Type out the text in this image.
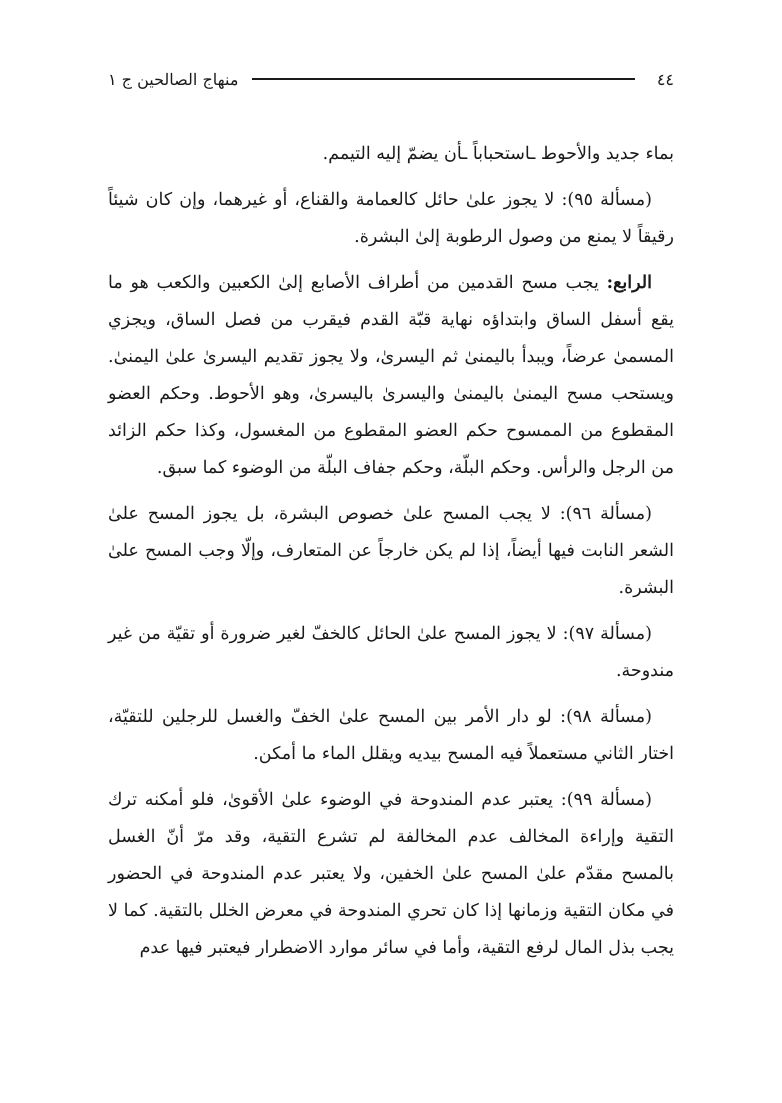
٤٤
منهاج الصالحين ج ١

بماء جديد والأحوط ـاستحباباً ـأن يضمّ إليه التيمم.

(مسألة ٩٥): لا يجوز علىٰ حائل كالعمامة والقناع، أو غيرهما، وإن كان شيئاً رقيقاً لا يمنع من وصول الرطوبة إلىٰ البشرة.

الرابع: يجب مسح القدمين من أطراف الأصابع إلىٰ الكعبين والكعب هو ما يقع أسفل الساق وابتداؤه نهاية قبّة القدم فيقرب من فصل الساق، ويجزي المسمىٰ عرضاً، ويبدأ باليمنىٰ ثم اليسرىٰ، ولا يجوز تقديم اليسرىٰ علىٰ اليمنىٰ. ويستحب مسح اليمنىٰ باليمنىٰ واليسرىٰ باليسرىٰ، وهو الأحوط. وحكم العضو المقطوع من الممسوح حكم العضو المقطوع من المغسول، وكذا حكم الزائد من الرجل والرأس. وحكم البلّة، وحكم جفاف البلّة من الوضوء كما سبق.

(مسألة ٩٦): لا يجب المسح علىٰ خصوص البشرة، بل يجوز المسح علىٰ الشعر النابت فيها أيضاً، إذا لم يكن خارجاً عن المتعارف، وإلّا وجب المسح علىٰ البشرة.

(مسألة ٩٧): لا يجوز المسح علىٰ الحائل كالخفّ لغير ضرورة أو تقيّة من غير مندوحة.

(مسألة ٩٨): لو دار الأمر بين المسح علىٰ الخفّ والغسل للرجلين للتقيّة، اختار الثاني مستعملاً فيه المسح بيديه ويقلل الماء ما أمكن.

(مسألة ٩٩): يعتبر عدم المندوحة في الوضوء علىٰ الأقوىٰ، فلو أمكنه ترك التقية وإراءة المخالف عدم المخالفة لم تشرع التقية، وقد مرّ أنّ الغسل بالمسح مقدّم علىٰ المسح علىٰ الخفين، ولا يعتبر عدم المندوحة في الحضور في مكان التقية وزمانها إذا كان تحري المندوحة في معرض الخلل بالتقية. كما لا يجب بذل المال لرفع التقية، وأما في سائر موارد الاضطرار فيعتبر فيها عدم
